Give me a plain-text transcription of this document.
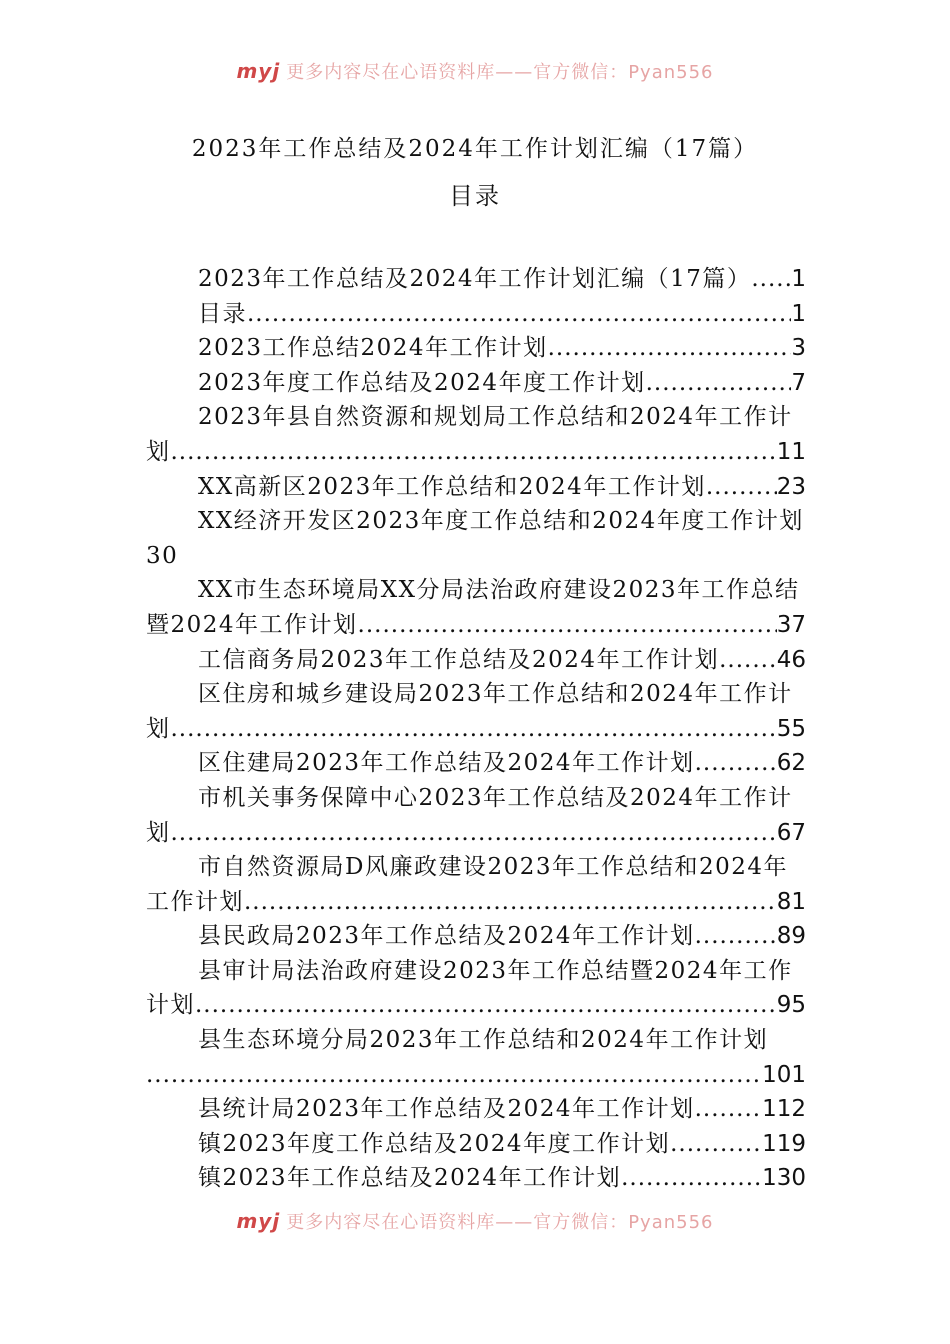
myj 更多内容尽在心语资料库——官方微信：Pyan556
2023年工作总结及2024年工作计划汇编（17篇）
目录
2023年工作总结及2024年工作计划汇编（17篇） ..... 1
目录 .....	1
2023工作总结2024年工作计划 .....	3
2023年度工作总结及2024年度工作计划 .....	7
2023年县自然资源和规划局工作总结和2024年工作计
划 .....	11
XX高新区2023年工作总结和2024年工作计划 .....	23
XX经济开发区2023年度工作总结和2024年度工作计划
30
XX市生态环境局XX分局法治政府建设2023年工作总结
暨2024年工作计划 .....	37
工信商务局2023年工作总结及2024年工作计划 .....	46
区住房和城乡建设局2023年工作总结和2024年工作计
划 .....	55
区住建局2023年工作总结及2024年工作计划 .....	62
市机关事务保障中心2023年工作总结及2024年工作计
划 .....	67
市自然资源局D风廉政建设2023年工作总结和2024年
工作计划 .....	81
县民政局2023年工作总结及2024年工作计划 .....	89
县审计局法治政府建设2023年工作总结暨2024年工作
计划 .....	95
县生态环境分局2023年工作总结和2024年工作计划
.....
101
县统计局2023年工作总结及2024年工作计划 .....	112
镇2023年度工作总结及2024年度工作计划 .....	119
镇2023年工作总结及2024年工作计划 .....	130
myj 更多内容尽在心语资料库——官方微信：Pyan556
